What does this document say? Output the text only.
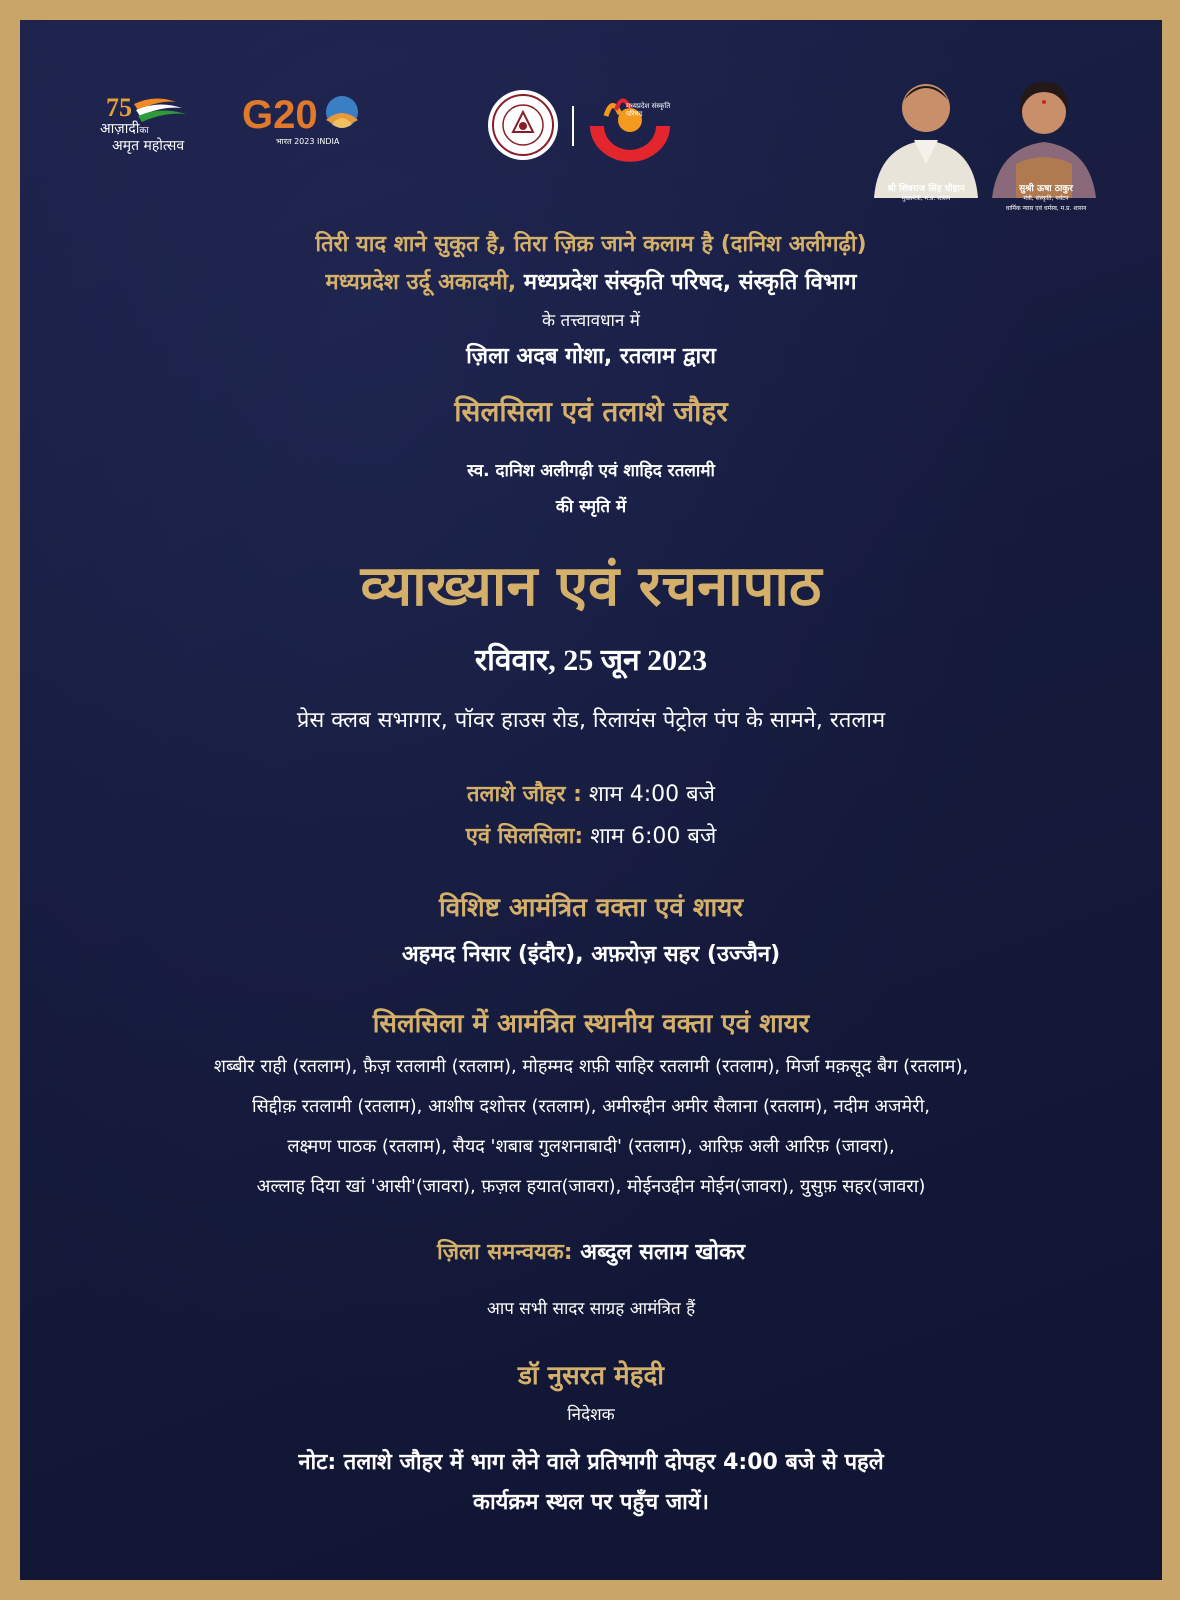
75
आज़ादीका
अमृत महोत्सव
G20
भारत 2023 INDIA
मध्यप्रदेश संस्कृति परिषद
श्री शिवराज सिंह चौहान
मुख्यमंत्री, म.प्र. शासन
सुश्री ऊषा ठाकुर
मंत्री, संस्कृति, पर्यटन
धार्मिक न्यास एवं धर्मस्व, म.प्र. शासन
तिरी याद शाने सुकूत है, तिरा ज़िक्र जाने कलाम है (दानिश अलीगढ़ी)
मध्यप्रदेश उर्दू अकादमी, मध्यप्रदेश संस्कृति परिषद, संस्कृति विभाग
के तत्त्वावधान में
ज़िला अदब गोशा, रतलाम द्वारा
सिलसिला एवं तलाशे जौहर
स्व. दानिश अलीगढ़ी एवं शाहिद रतलामी
की स्मृति में
व्याख्यान एवं रचनापाठ
रविवार, 25 जून 2023
प्रेस क्लब सभागार, पॉवर हाउस रोड, रिलायंस पेट्रोल पंप के सामने, रतलाम
तलाशे जौहर : शाम 4:00 बजे
एवं सिलसिला: शाम 6:00 बजे
विशिष्ट आमंत्रित वक्ता एवं शायर
अहमद निसार (इंदौर), अफ़रोज़ सहर (उज्जैन)
सिलसिला में आमंत्रित स्थानीय वक्ता एवं शायर
शब्बीर राही (रतलाम), फ़ैज़ रतलामी (रतलाम), मोहम्मद शफ़ी साहिर रतलामी (रतलाम), मिर्जा मक़सूद बैग (रतलाम),
सिद्दीक़ रतलामी (रतलाम), आशीष दशोत्तर (रतलाम), अमीरुद्दीन अमीर सैलाना (रतलाम), नदीम अजमेरी,
लक्ष्मण पाठक (रतलाम), सैयद 'शबाब गुलशनाबादी' (रतलाम), आरिफ़ अली आरिफ़ (जावरा),
अल्लाह दिया खां 'आसी'(जावरा), फ़ज़ल हयात(जावरा), मोईनउद्दीन मोईन(जावरा), युसुफ़ सहर(जावरा)
ज़िला समन्वयक: अब्दुल सलाम खोकर
आप सभी सादर साग्रह आमंत्रित हैं
डॉ नुसरत मेहदी
निदेशक
नोट: तलाशे जौहर में भाग लेने वाले प्रतिभागी दोपहर 4:00 बजे से पहले
कार्यक्रम स्थल पर पहुँच जायें।
